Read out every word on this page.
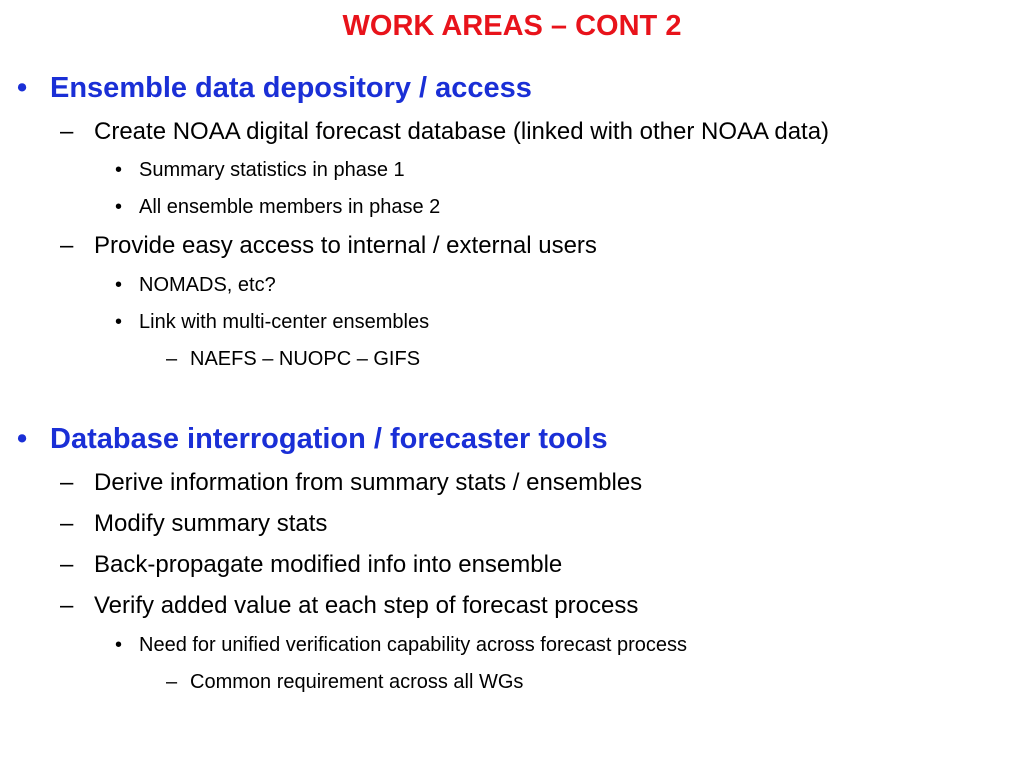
WORK AREAS – CONT 2
• Ensemble data depository / access
– Create NOAA digital forecast database (linked with other NOAA data)
• Summary statistics in phase 1
• All ensemble members in phase 2
– Provide easy access to internal / external users
• NOMADS, etc?
• Link with multi-center ensembles
– NAEFS – NUOPC – GIFS
• Database interrogation / forecaster tools
– Derive information from summary stats / ensembles
– Modify summary stats
– Back-propagate modified info into ensemble
– Verify added value at each step of forecast process
• Need for unified verification capability across forecast process
– Common requirement across all WGs
